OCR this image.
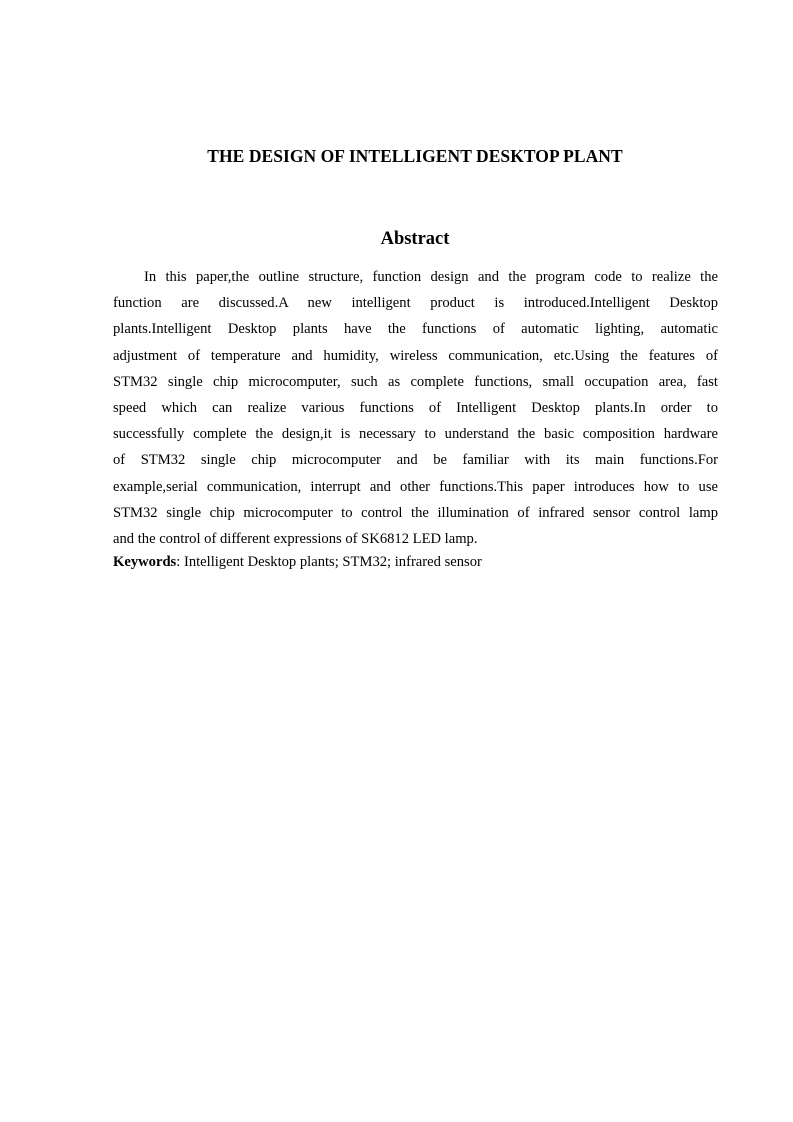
THE DESIGN OF INTELLIGENT DESKTOP PLANT
Abstract
In this paper,the outline structure, function design and the program code to realize the
function are discussed.A new intelligent product is introduced.Intelligent Desktop
plants.Intelligent Desktop plants have the functions of automatic lighting, automatic
adjustment of temperature and humidity, wireless communication, etc.Using the features of
STM32 single chip microcomputer, such as complete functions, small occupation area, fast
speed which can realize various functions of Intelligent Desktop plants.In order to
successfully complete the design,it is necessary to understand the basic composition hardware
of STM32 single chip microcomputer and be familiar with its main functions.For
example,serial communication, interrupt and other functions.This paper introduces how to use
STM32 single chip microcomputer to control the illumination of infrared sensor control lamp
and the control of different expressions of SK6812 LED lamp.
Keywords: Intelligent Desktop plants; STM32; infrared sensor
